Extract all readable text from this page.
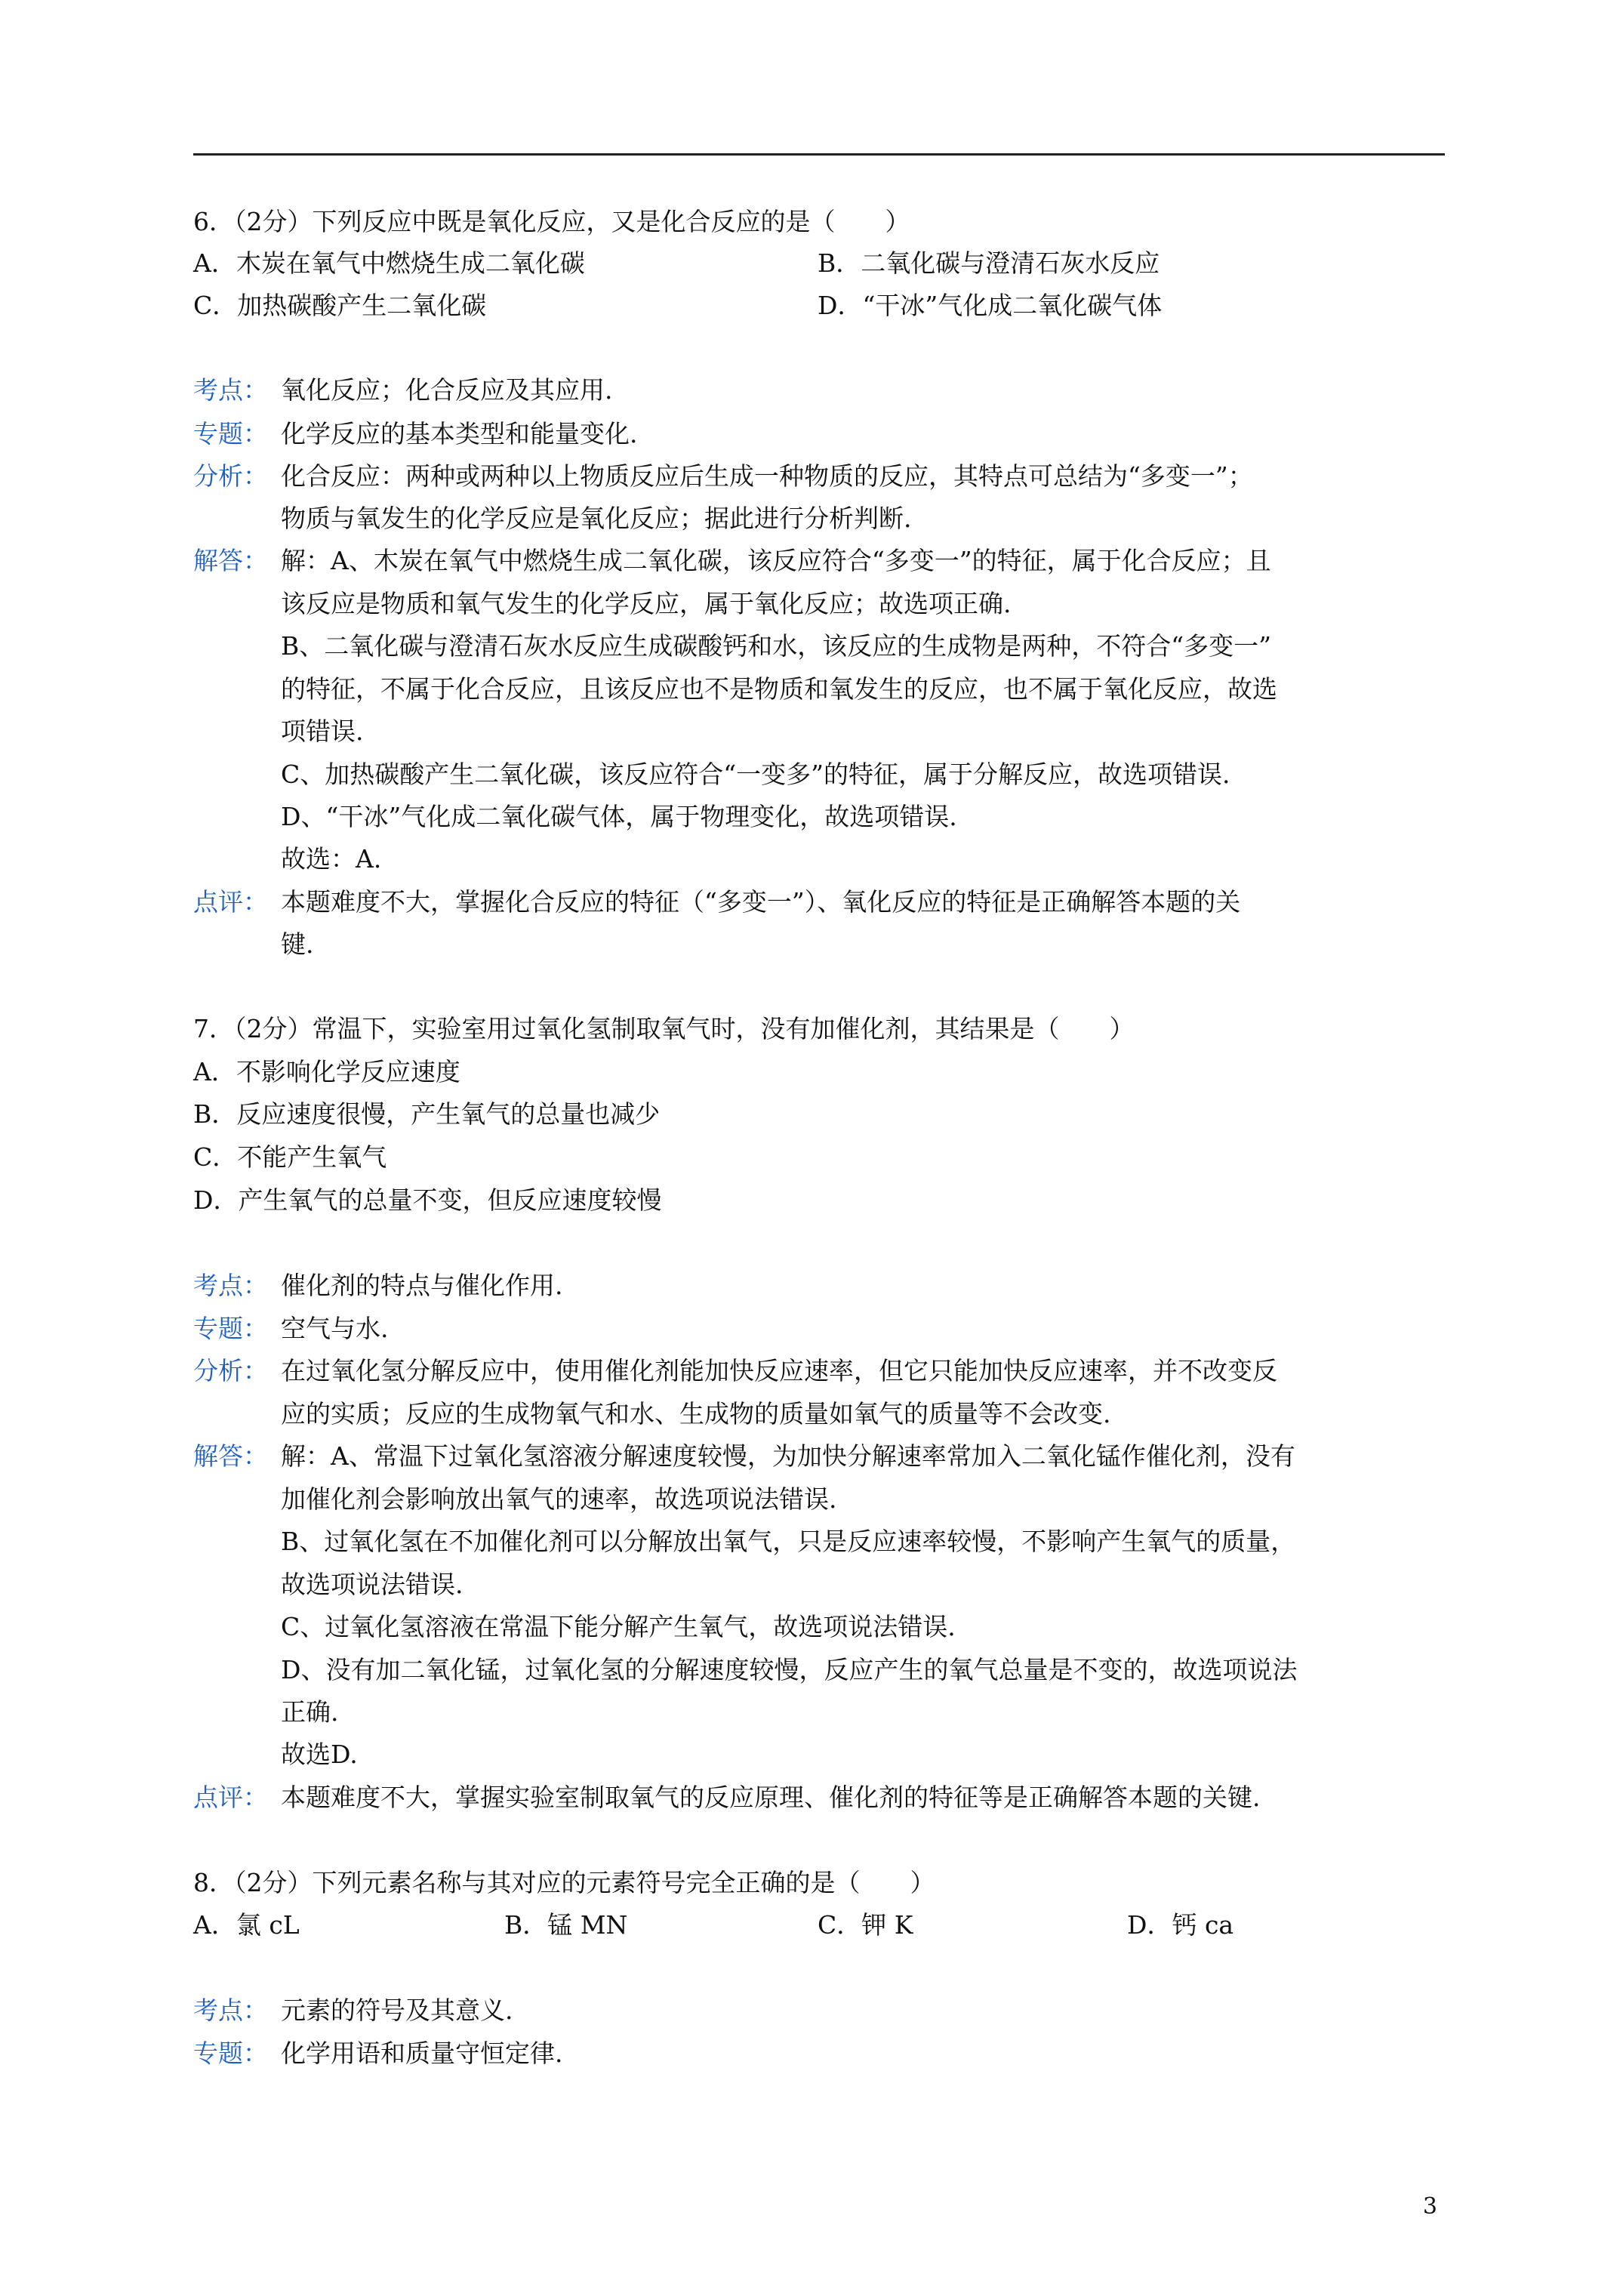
6．（2分）下列反应中既是氧化反应，又是化合反应的是（　　）
A．木炭在氧气中燃烧生成二氧化碳	B．二氧化碳与澄清石灰水反应
C．加热碳酸产生二氧化碳	D．“干冰”气化成二氧化碳气体
考点： 氧化反应；化合反应及其应用.
专题： 化学反应的基本类型和能量变化.
分析： 化合反应：两种或两种以上物质反应后生成一种物质的反应，其特点可总结为“多变一”；
物质与氧发生的化学反应是氧化反应；据此进行分析判断.
解答： 解：A、木炭在氧气中燃烧生成二氧化碳，该反应符合“多变一”的特征，属于化合反应；且
该反应是物质和氧气发生的化学反应，属于氧化反应；故选项正确.
B、二氧化碳与澄清石灰水反应生成碳酸钙和水，该反应的生成物是两种，不符合“多变一”
的特征，不属于化合反应，且该反应也不是物质和氧发生的反应，也不属于氧化反应，故选
项错误.
C、加热碳酸产生二氧化碳，该反应符合“一变多”的特征，属于分解反应，故选项错误.
D、“干冰”气化成二氧化碳气体，属于物理变化，故选项错误.
故选：A.
点评： 本题难度不大，掌握化合反应的特征（“多变一”）、氧化反应的特征是正确解答本题的关
键.
7．（2分）常温下，实验室用过氧化氢制取氧气时，没有加催化剂，其结果是（　　）
A．不影响化学反应速度
B．反应速度很慢，产生氧气的总量也减少
C．不能产生氧气
D．产生氧气的总量不变，但反应速度较慢
考点： 催化剂的特点与催化作用.
专题： 空气与水.
分析： 在过氧化氢分解反应中，使用催化剂能加快反应速率，但它只能加快反应速率，并不改变反
应的实质；反应的生成物氧气和水、生成物的质量如氧气的质量等不会改变.
解答： 解：A、常温下过氧化氢溶液分解速度较慢，为加快分解速率常加入二氧化锰作催化剂，没有
加催化剂会影响放出氧气的速率，故选项说法错误.
B、过氧化氢在不加催化剂可以分解放出氧气，只是反应速率较慢，不影响产生氧气的质量，
故选项说法错误.
C、过氧化氢溶液在常温下能分解产生氧气，故选项说法错误.
D、没有加二氧化锰，过氧化氢的分解速度较慢，反应产生的氧气总量是不变的，故选项说法
正确.
故选D.
点评： 本题难度不大，掌握实验室制取氧气的反应原理、催化剂的特征等是正确解答本题的关键.
8．（2分）下列元素名称与其对应的元素符号完全正确的是（　　）
A．氯 cL	B．锰 MN	C．钾 K	D．钙 ca
考点： 元素的符号及其意义.
专题： 化学用语和质量守恒定律.
3
